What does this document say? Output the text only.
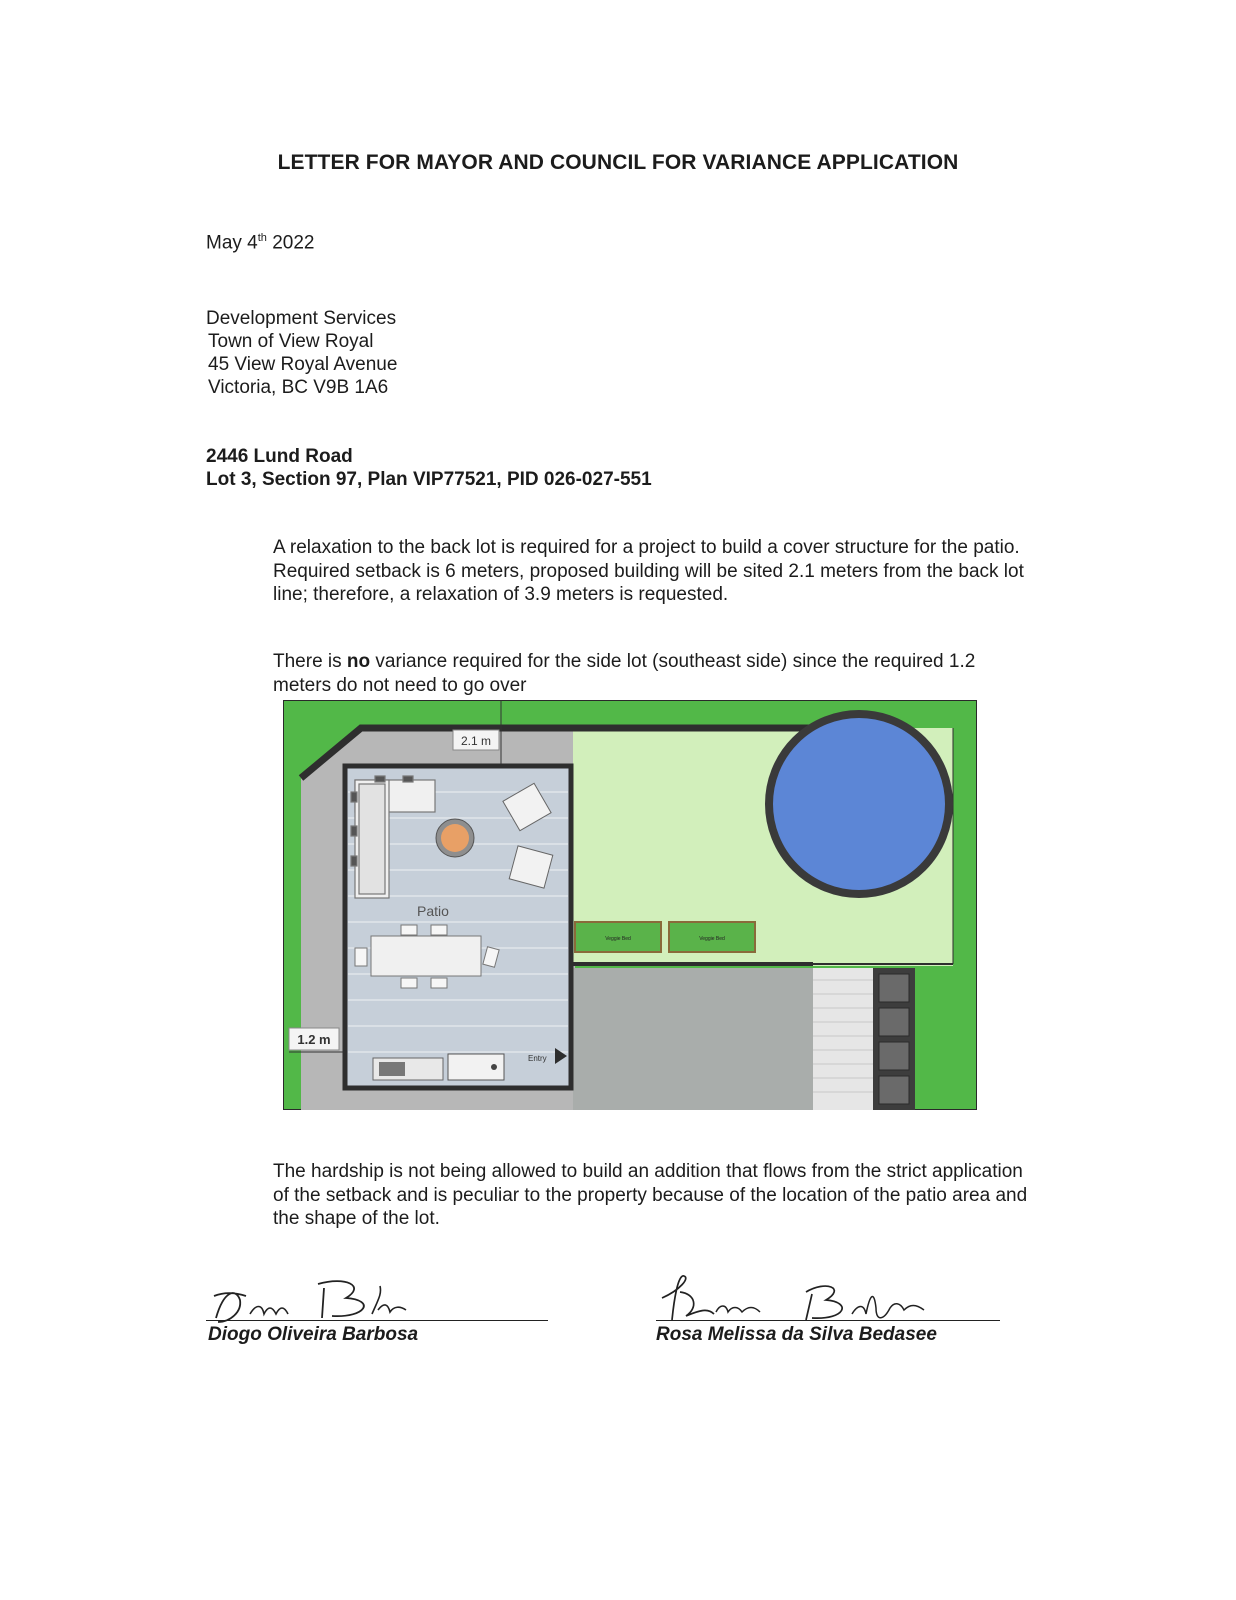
LETTER FOR MAYOR AND COUNCIL FOR VARIANCE APPLICATION
May 4th 2022
Development Services
Town of View Royal
45 View Royal Avenue
Victoria, BC V9B 1A6
2446 Lund Road
Lot 3, Section 97, Plan VIP77521, PID 026-027-551
A relaxation to the back lot is required for a project to build a cover structure for the patio. Required setback is 6 meters, proposed building will be sited 2.1 meters from the back lot line; therefore, a relaxation of 3.9 meters is requested.
There is no variance required for the side lot (southeast side) since the required 1.2 meters do not need to go over
Patio
Entry
Veggie Bed	Veggie Bed
2.1 m
1.2 m
The hardship is not being allowed to build an addition that flows from the strict application of the setback and is peculiar to the property because of the location of the patio area and the shape of the lot.
Diogo Oliveira Barbosa	Rosa Melissa da Silva Bedasee
